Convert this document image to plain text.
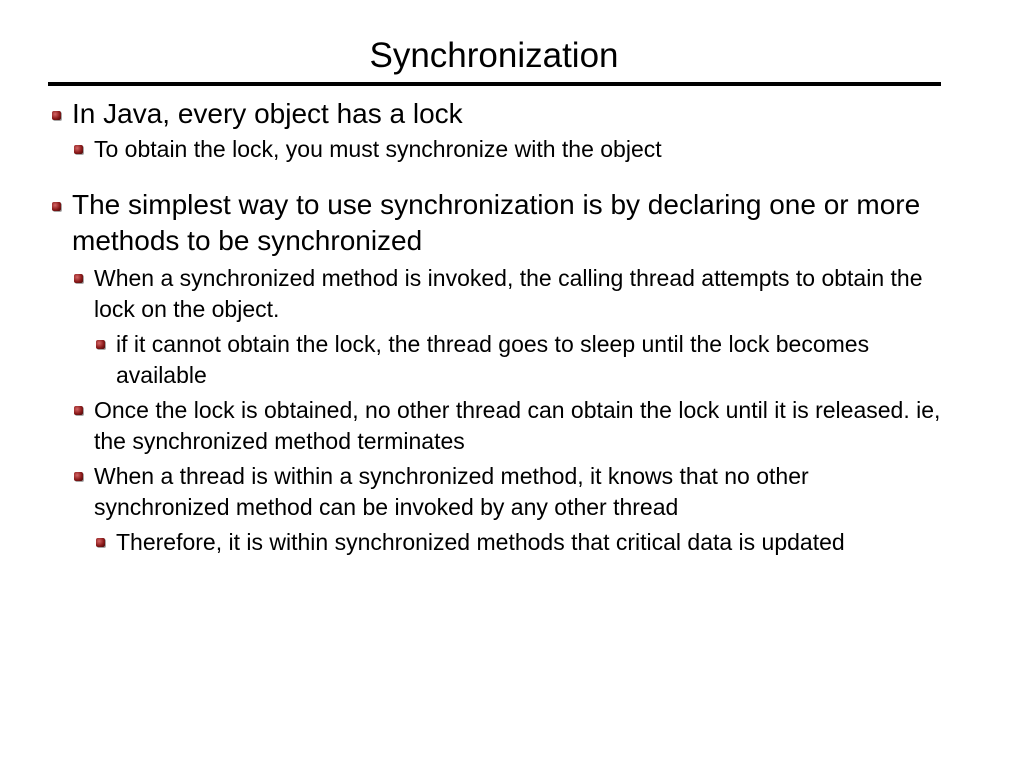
Synchronization
In Java, every object has a lock
To obtain the lock, you must synchronize with the object
The simplest way to use synchronization is by declaring one or more methods to be synchronized
When a synchronized method is invoked, the calling thread attempts to obtain the lock on the object.
if it cannot obtain the lock, the thread goes to sleep until the lock becomes available
Once the lock is obtained, no other thread can obtain the lock until it is released. ie, the synchronized method terminates
When a thread is within a synchronized method, it knows that no other synchronized method can be invoked by any other thread
Therefore, it is within synchronized methods that critical data is updated
